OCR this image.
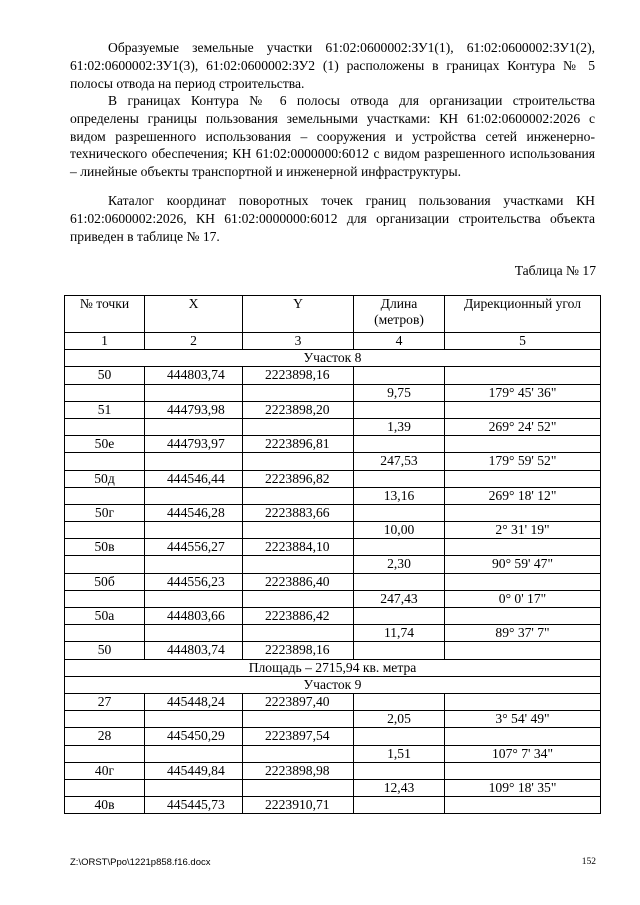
Образуемые земельные участки 61:02:0600002:ЗУ1(1), 61:02:0600002:ЗУ1(2), 61:02:0600002:ЗУ1(3), 61:02:0600002:ЗУ2 (1) расположены в границах Контура № 5 полосы отвода на период строительства.

В границах Контура № 6 полосы отвода для организации строительства определены границы пользования земельными участками: КН 61:02:0600002:2026 с видом разрешенного использования – сооружения и устройства сетей инженерно-технического обеспечения; КН 61:02:0000000:6012 с видом разрешенного использования – линейные объекты транспортной и инженерной инфраструктуры.

Каталог координат поворотных точек границ пользования участками КН 61:02:0600002:2026, КН 61:02:0000000:6012 для организации строительства объекта приведен в таблице № 17.

Таблица № 17
№ точки	X	Y	Длина (метров)	Дирекционный угол
1	2	3	4	5
Участок 8				
50	444803,74	2223898,16		
			9,75	179° 45' 36"
51	444793,98	2223898,20		
			1,39	269° 24' 52"
50е	444793,97	2223896,81		
			247,53	179° 59' 52"
50д	444546,44	2223896,82		
			13,16	269° 18' 12"
50г	444546,28	2223883,66		
			10,00	2° 31' 19"
50в	444556,27	2223884,10		
			2,30	90° 59' 47"
50б	444556,23	2223886,40		
			247,43	0° 0' 17"
50а	444803,66	2223886,42		
			11,74	89° 37' 7"
50	444803,74	2223898,16		
Площадь – 2715,94 кв. метра				
Участок 9				
27	445448,24	2223897,40		
			2,05	3° 54' 49"
28	445450,29	2223897,54		
			1,51	107° 7' 34"
40г	445449,84	2223898,98		
			12,43	109° 18' 35"
40в	445445,73	2223910,71		
Z:\ORST\Ppo\1221p858.f16.docx	152
